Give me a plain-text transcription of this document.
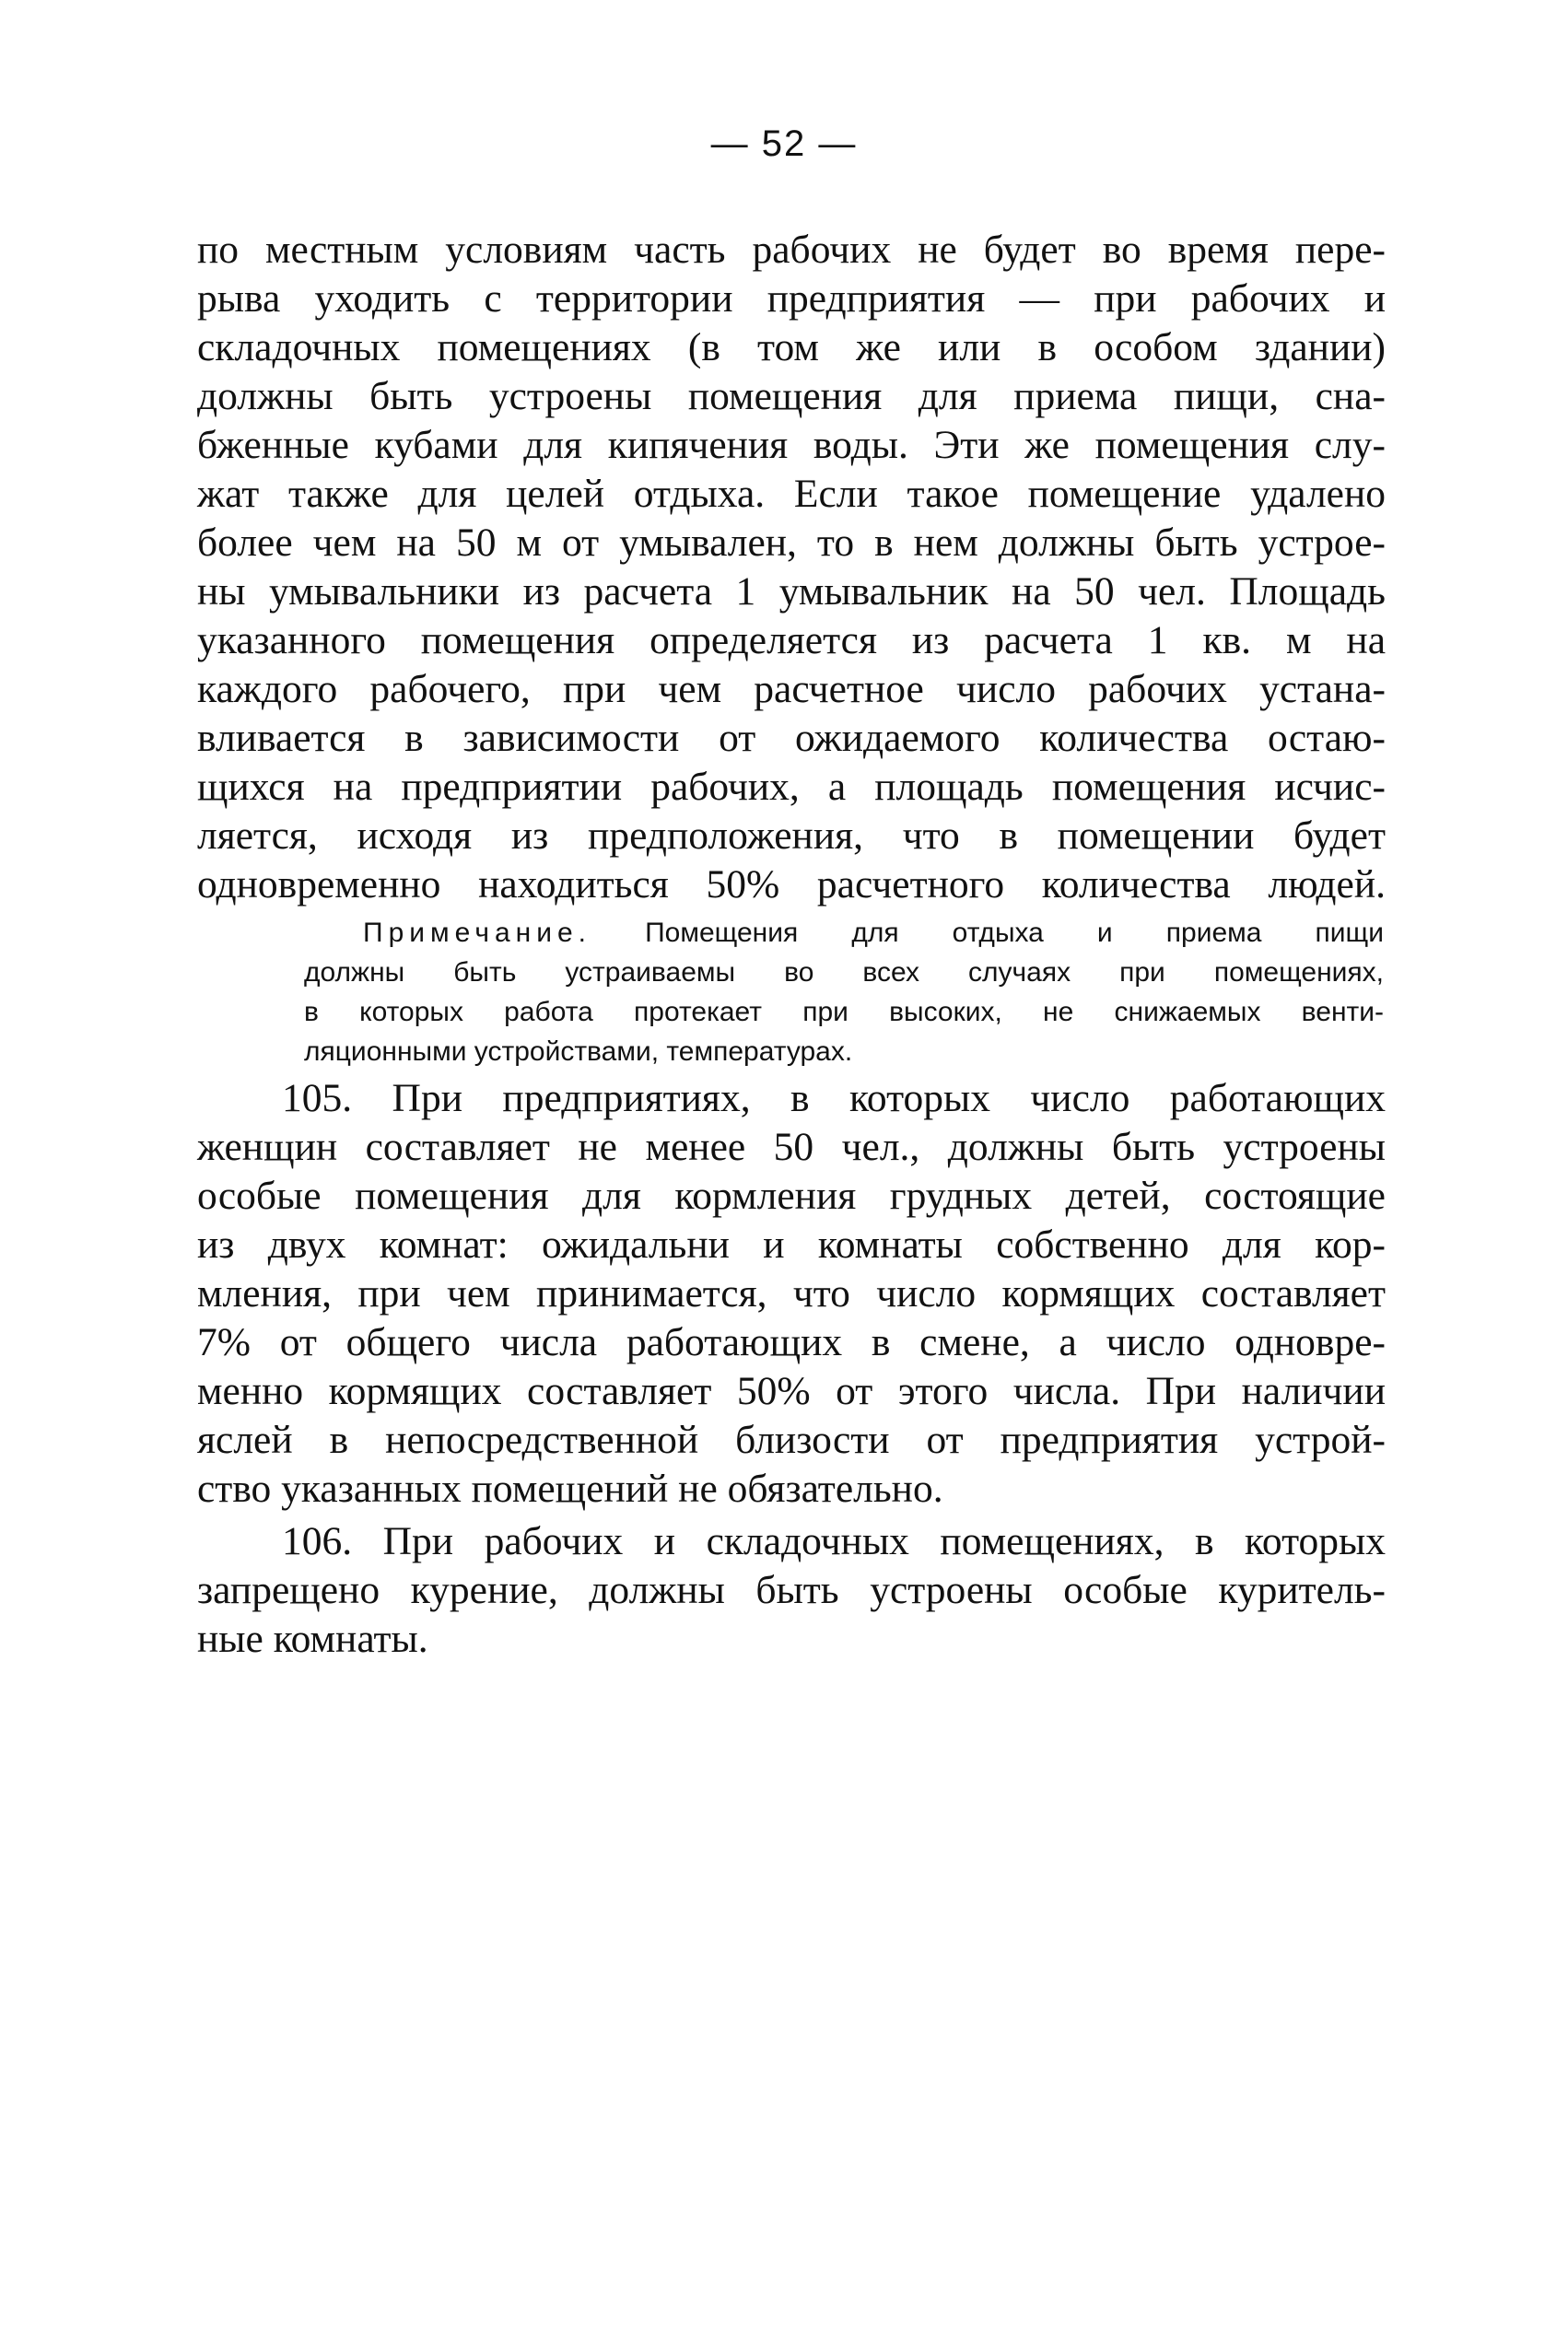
— 52 —
по местным условиям часть рабочих не будет во время пере-
рыва уходить с территории предприятия — при рабочих и
складочных помещениях (в том же или в особом здании)
должны быть устроены помещения для приема пищи, сна-
бженные кубами для кипячения воды. Эти же помещения слу-
жат также для целей отдыха. Если такое помещение удалено
более чем на 50 м от умывален, то в нем должны быть устрое-
ны умывальники из расчета 1 умывальник на 50 чел. Площадь
указанного помещения определяется из расчета 1 кв. м на
каждого рабочего, при чем расчетное число рабочих устана-
вливается в зависимости от ожидаемого количества остаю-
щихся на предприятии рабочих, а площадь помещения исчис-
ляется, исходя из предположения, что в помещении будет
одновременно находиться 50% расчетного количества людей.
Примечание. Помещения для отдыха и приема пищи
должны быть устраиваемы во всех случаях при помещениях,
в которых работа протекает при высоких, не снижаемых венти-
ляционными устройствами, температурах.
105. При предприятиях, в которых число работающих
женщин составляет не менее 50 чел., должны быть устроены
особые помещения для кормления грудных детей, состоящие
из двух комнат: ожидальни и комнаты собственно для кор-
мления, при чем принимается, что число кормящих составляет
7% от общего числа работающих в смене, а число одновре-
менно кормящих составляет 50% от этого числа. При наличии
яслей в непосредственной близости от предприятия устрой-
ство указанных помещений не обязательно.
106. При рабочих и складочных помещениях, в которых
запрещено курение, должны быть устроены особые куритель-
ные комнаты.
